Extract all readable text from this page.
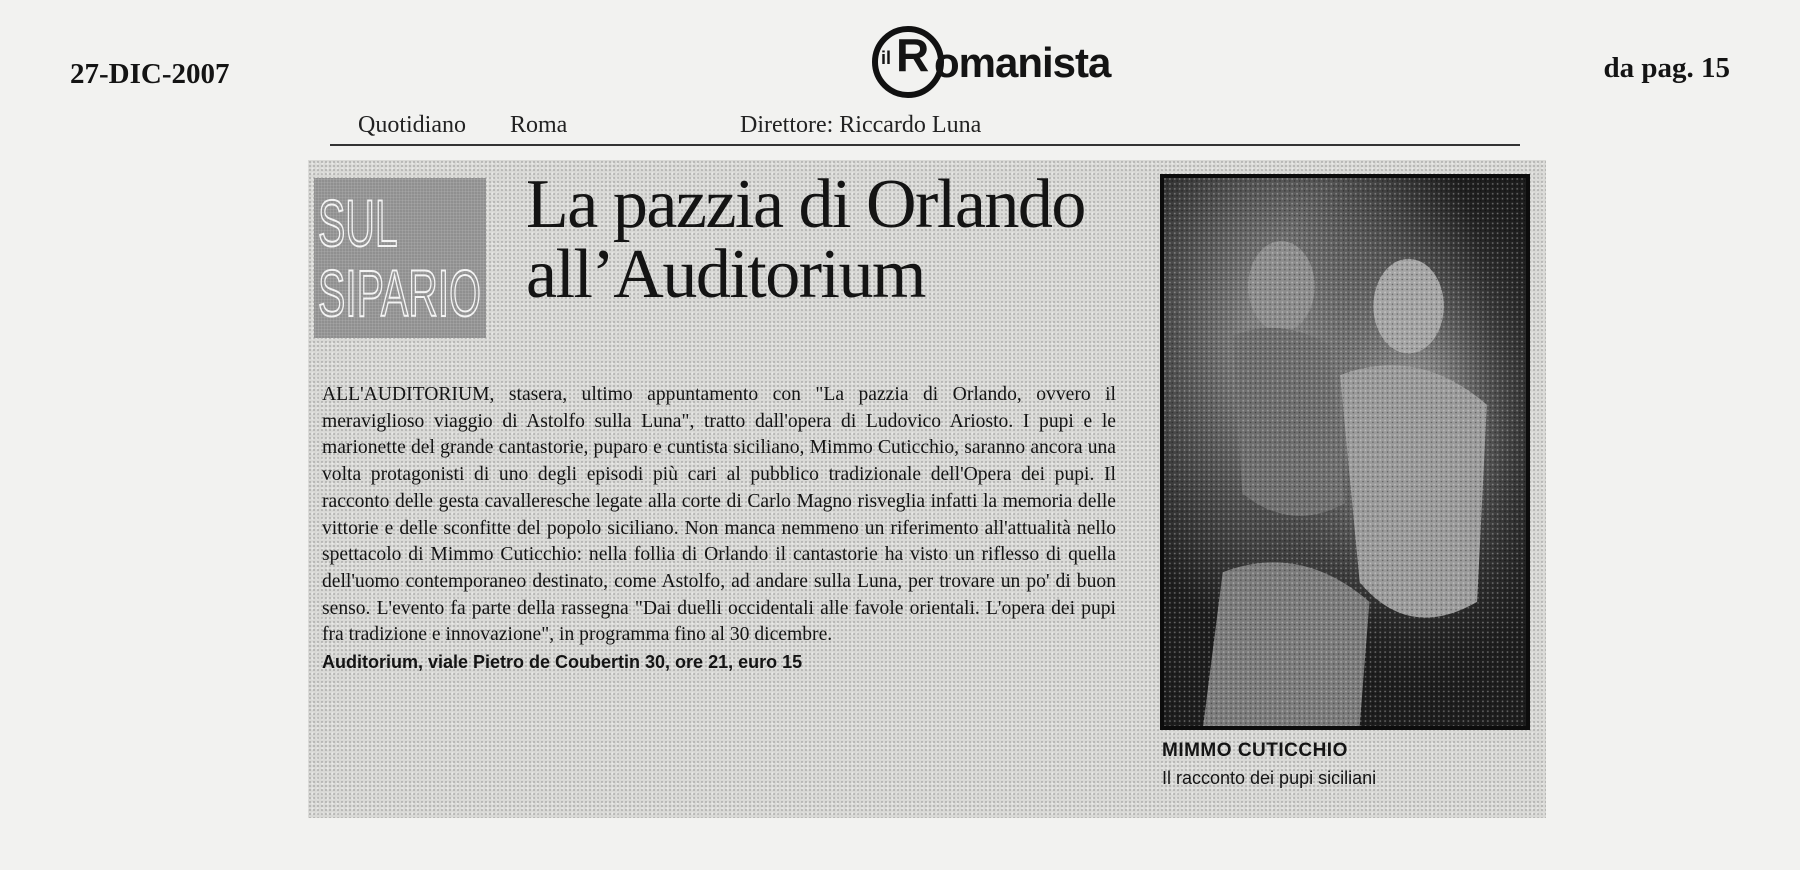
27-DIC-2007	il R omanista	da pag. 15
Quotidiano Roma	Direttore: Riccardo Luna
SUL
SIPARIO
La pazzia di Orlando
all’Auditorium

ALL'AUDITORIUM, stasera, ultimo appuntamento con "La pazzia di Orlando, ovvero il meraviglioso viaggio di Astolfo sulla Luna", tratto dall'opera di Ludovico Ariosto. I pupi e le marionette del grande cantastorie, puparo e cuntista siciliano, Mimmo Cuticchio, saranno ancora una volta protagonisti di uno degli episodi più cari al pubblico tradizionale dell'Opera dei pupi. Il racconto delle gesta cavalleresche legate alla corte di Carlo Magno risveglia infatti la memoria delle vittorie e delle sconfitte del popolo siciliano. Non manca nemmeno un riferimento all'attualità nello spettacolo di Mimmo Cuticchio: nella follia di Orlando il cantastorie ha visto un riflesso di quella dell'uomo contemporaneo destinato, come Astolfo, ad andare sulla Luna, per trovare un po' di buon senso. L'evento fa parte della rassegna "Dai duelli occidentali alle favole orientali. L'opera dei pupi fra tradizione e innovazione", in programma fino al 30 dicembre.

Auditorium, viale Pietro de Coubertin 30, ore 21, euro 15
MIMMO CUTICCHIO
Il racconto dei pupi siciliani
